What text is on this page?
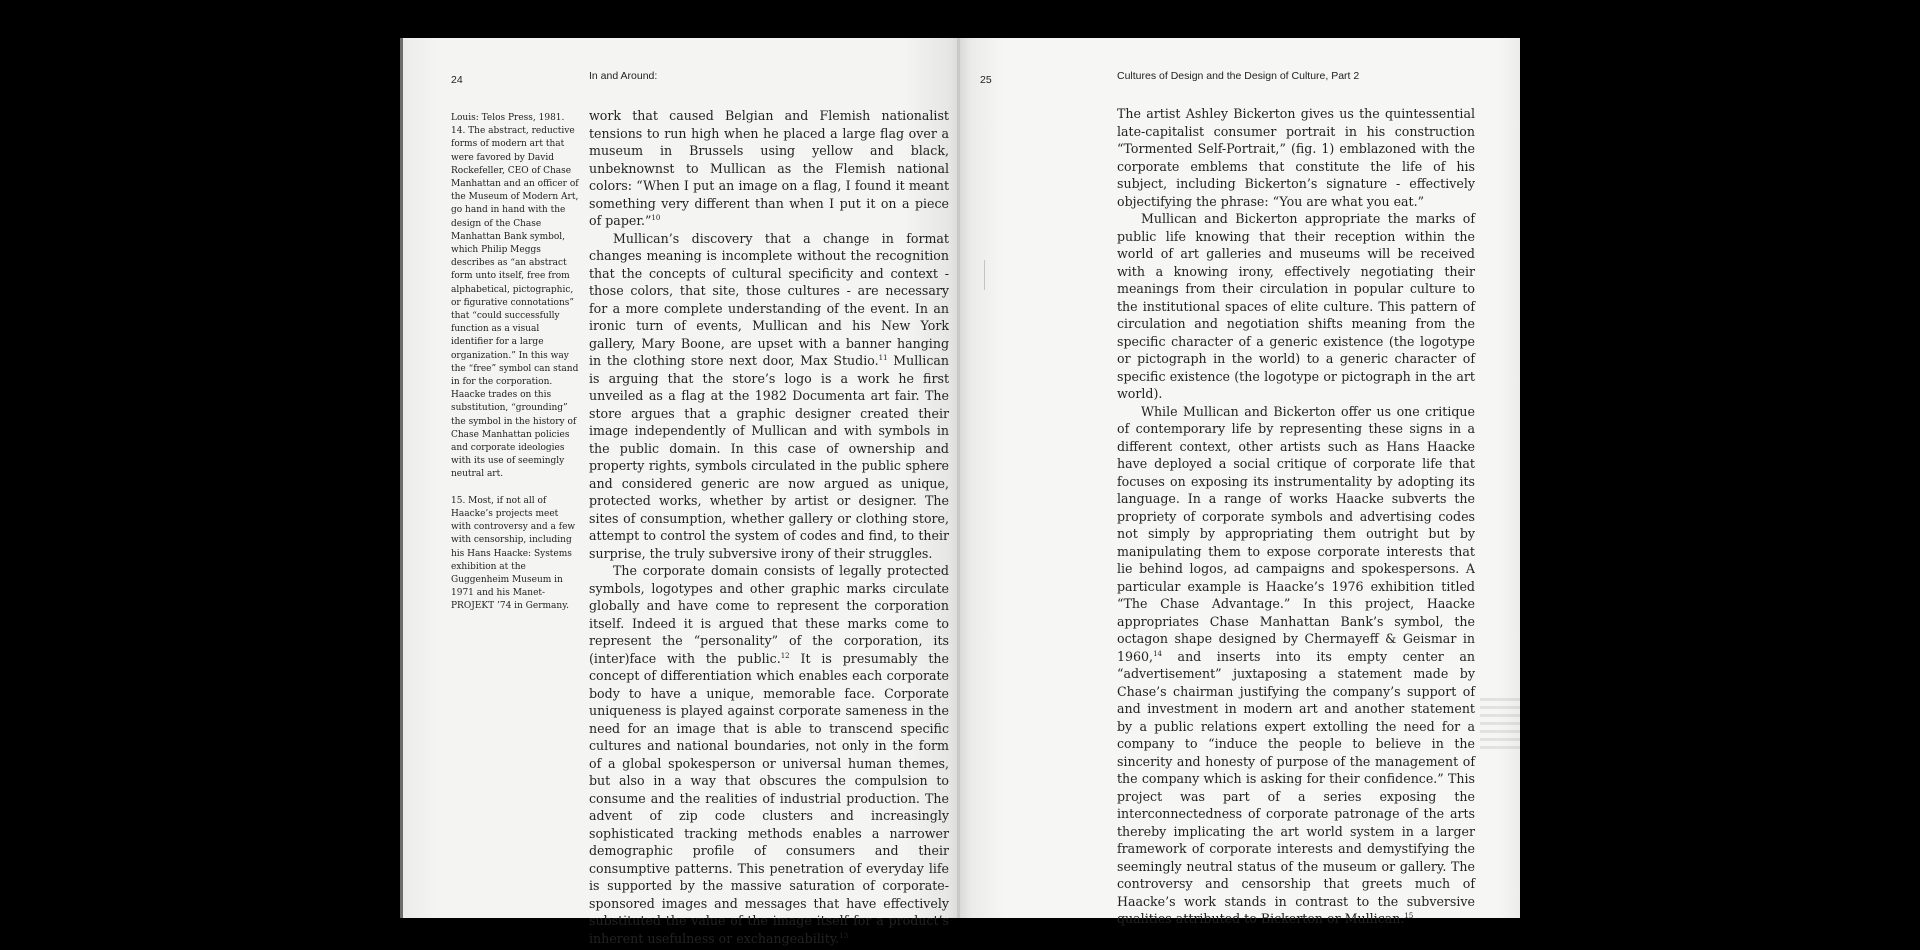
24	In and Around:

Louis: Telos Press, 1981.

14. The abstract, reductive forms of modern art that were favored by David Rockefeller, CEO of Chase Manhattan and an officer of the Museum of Modern Art, go hand in hand with the design of the Chase Manhattan Bank symbol, which Philip Meggs describes as “an abstract form unto itself, free from alphabetical, pictographic, or figurative connotations” that “could successfully function as a visual identifier for a large organization.” In this way the “free” symbol can stand in for the corporation. Haacke trades on this substitution, “grounding” the symbol in the history of Chase Manhattan policies and corporate ideologies with its use of seemingly neutral art.

15. Most, if not all of Haacke’s projects meet with controversy and a few with censorship, including his Hans Haacke: Systems exhibition at the Guggenheim Museum in 1971 and his Manet-PROJEKT ’74 in Germany.

work that caused Belgian and Flemish nationalist tensions to run high when he placed a large flag over a museum in Brussels using yellow and black, unbeknownst to Mullican as the Flemish national colors: “When I put an image on a flag, I found it meant something very different than when I put it on a piece of paper.”$^{10}$

Mullican’s discovery that a change in format changes meaning is incomplete without the recognition that the concepts of cultural specificity and context - those colors, that site, those cultures - are necessary for a more complete understanding of the event. In an ironic turn of events, Mullican and his New York gallery, Mary Boone, are upset with a banner hanging in the clothing store next door, Max Studio.$^{11}$ Mullican is arguing that the store’s logo is a work he first unveiled as a flag at the 1982 Documenta art fair. The store argues that a graphic designer created their image independently of Mullican and with symbols in the public domain. In this case of ownership and property rights, symbols circulated in the public sphere and considered generic are now argued as unique, protected works, whether by artist or designer. The sites of consumption, whether gallery or clothing store, attempt to control the system of codes and find, to their surprise, the truly subversive irony of their struggles.

The corporate domain consists of legally protected symbols, logotypes and other graphic marks circulate globally and have come to represent the corporation itself. Indeed it is argued that these marks come to represent the “personality” of the corporation, its (inter)face with the public.$^{12}$ It is presumably the concept of differentiation which enables each corporate body to have a unique, memorable face. Corporate uniqueness is played against corporate sameness in the need for an image that is able to transcend specific cultures and national boundaries, not only in the form of a global spokesperson or universal human themes, but also in a way that obscures the compulsion to consume and the realities of industrial production. The advent of zip code clusters and increasingly sophisticated tracking methods enables a narrower demographic profile of consumers and their consumptive patterns. This penetration of everyday life is supported by the massive saturation of corporate-sponsored images and messages that have effectively substituted the value of the image itself for a product’s inherent usefulness or exchangeability.$^{13}$

25	Cultures of Design and the Design of Culture, Part 2

The artist Ashley Bickerton gives us the quintessential late-capitalist consumer portrait in his construction “Tormented Self-Portrait,” (fig. 1) emblazoned with the corporate emblems that constitute the life of his subject, including Bickerton’s signature - effectively objectifying the phrase: “You are what you eat.”

Mullican and Bickerton appropriate the marks of public life knowing that their reception within the world of art galleries and museums will be received with a knowing irony, effectively negotiating their meanings from their circulation in popular culture to the institutional spaces of elite culture. This pattern of circulation and negotiation shifts meaning from the specific character of a generic existence (the logotype or pictograph in the world) to a generic character of specific existence (the logotype or pictograph in the art world).

While Mullican and Bickerton offer us one critique of contemporary life by representing these signs in a different context, other artists such as Hans Haacke have deployed a social critique of corporate life that focuses on exposing its instrumentality by adopting its language. In a range of works Haacke subverts the propriety of corporate symbols and advertising codes not simply by appropriating them outright but by manipulating them to expose corporate interests that lie behind logos, ad campaigns and spokespersons. A particular example is Haacke’s 1976 exhibition titled “The Chase Advantage.” In this project, Haacke appropriates Chase Manhattan Bank’s symbol, the octagon shape designed by Chermayeff & Geismar in 1960,14 and inserts into its empty center an “advertisement” juxtaposing a statement made by Chase’s chairman justifying the company’s support of and investment in modern art and another statement by a public relations expert extolling the need for a company to “induce the people to believe in the sincerity and honesty of purpose of the management of the company which is asking for their confidence.” This project was part of a series exposing the interconnectedness of corporate patronage of the arts thereby implicating the art world system in a larger framework of corporate interests and demystifying the seemingly neutral status of the museum or gallery. The controversy and censorship that greets much of Haacke’s work stands in contrast to the subversive qualities attributed to Bickerton or Mullican.$^{15}$
